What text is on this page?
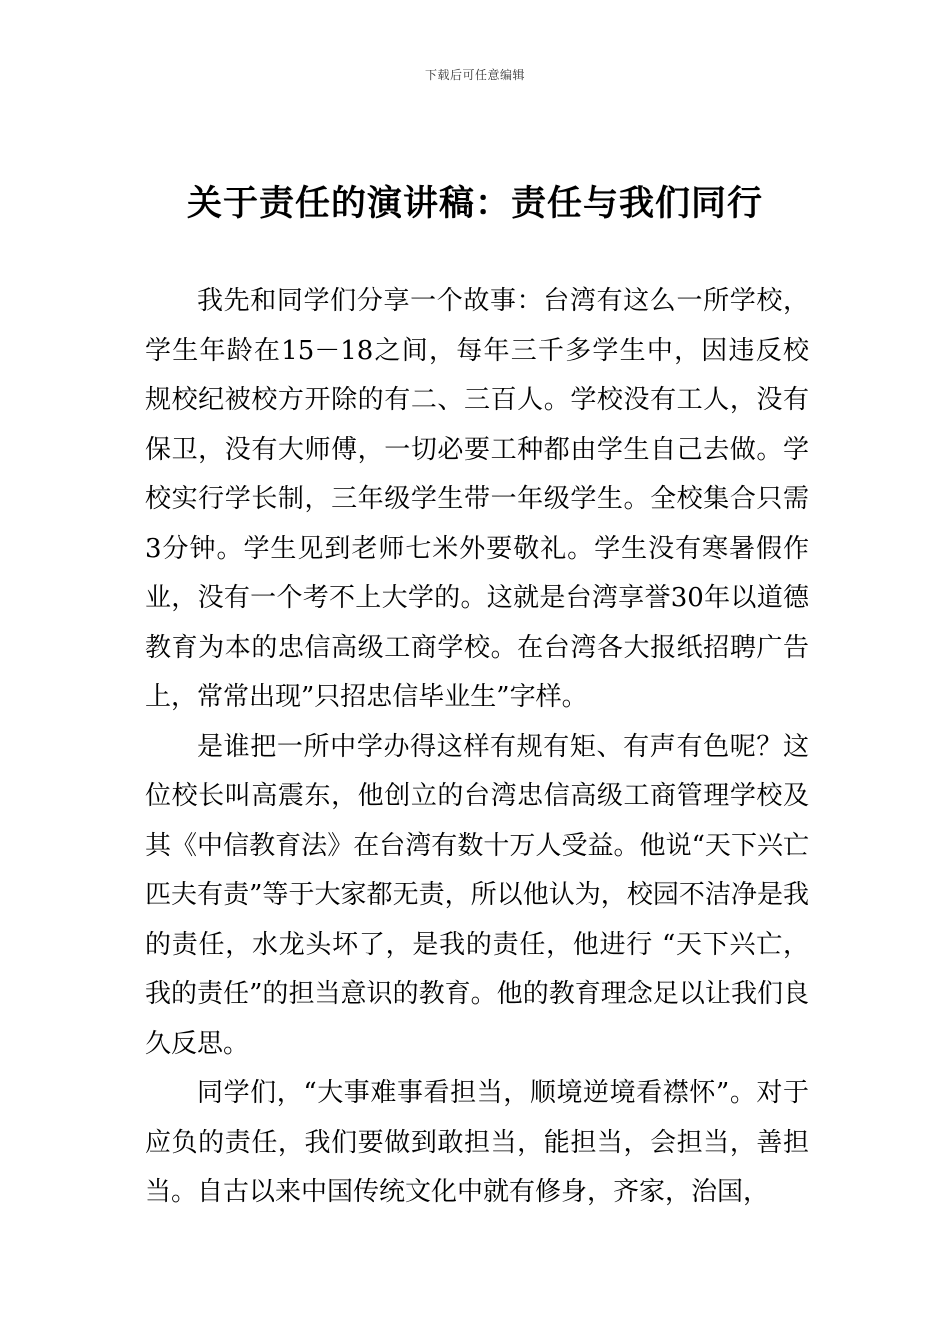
下载后可任意编辑
关于责任的演讲稿：责任与我们同行

我先和同学们分享一个故事：台湾有这么一所学校，学生年龄在15－18之间，每年三千多学生中，因违反校规校纪被校方开除的有二、三百人。学校没有工人，没有保卫，没有大师傅，一切必要工种都由学生自己去做。学校实行学长制，三年级学生带一年级学生。全校集合只需3分钟。学生见到老师七米外要敬礼。学生没有寒暑假作业，没有一个考不上大学的。这就是台湾享誉30年以道德教育为本的忠信高级工商学校。在台湾各大报纸招聘广告上，常常出现”只招忠信毕业生”字样。

是谁把一所中学办得这样有规有矩、有声有色呢？这位校长叫高震东，他创立的台湾忠信高级工商管理学校及其《中信教育法》在台湾有数十万人受益。他说“天下兴亡匹夫有责”等于大家都无责，所以他认为，校园不洁净是我的责任，水龙头坏了，是我的责任，他进行 “天下兴亡，我的责任”的担当意识的教育。他的教育理念足以让我们良久反思。

同学们，“大事难事看担当，顺境逆境看襟怀”。对于应负的责任，我们要做到敢担当，能担当，会担当，善担当。自古以来中国传统文化中就有修身，齐家，治国，
